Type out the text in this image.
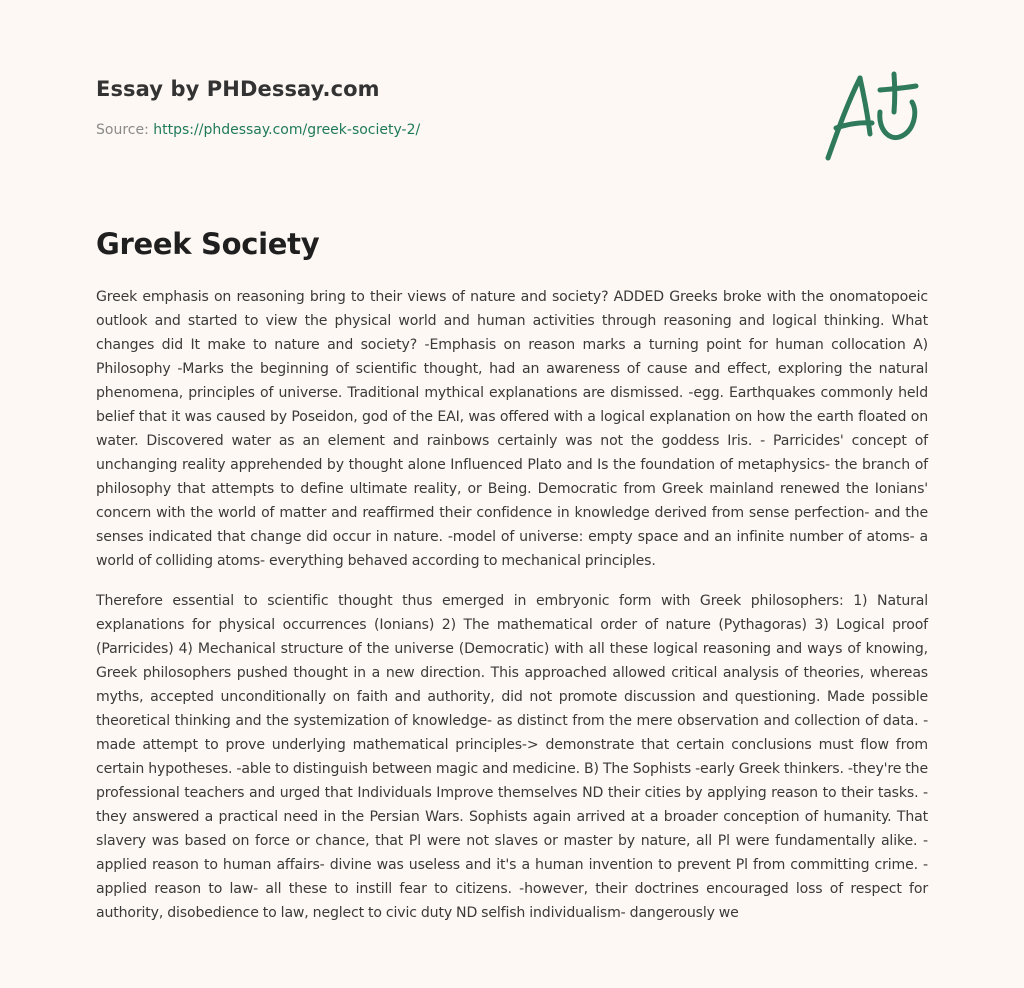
Essay by PHDessay.com
Source: https://phdessay.com/greek-society-2/
Greek Society

Greek emphasis on reasoning bring to their views of nature and society? ADDED Greeks broke with the onomatopoeic outlook and started to view the physical world and human activities through reasoning and logical thinking. What changes did It make to nature and society? -Emphasis on reason marks a turning point for human collocation A) Philosophy -Marks the beginning of scientific thought, had an awareness of cause and effect, exploring the natural phenomena, principles of universe. Traditional mythical explanations are dismissed. -egg. Earthquakes commonly held belief that it was caused by Poseidon, god of the EAI, was offered with a logical explanation on how the earth floated on water. Discovered water as an element and rainbows certainly was not the goddess Iris. - Parricides' concept of unchanging reality apprehended by thought alone Influenced Plato and Is the foundation of metaphysics- the branch of philosophy that attempts to define ultimate reality, or Being. Democratic from Greek mainland renewed the Ionians' concern with the world of matter and reaffirmed their confidence in knowledge derived from sense perfection- and the senses indicated that change did occur in nature. -model of universe: empty space and an infinite number of atoms- a world of colliding atoms- everything behaved according to mechanical principles.

Therefore essential to scientific thought thus emerged in embryonic form with Greek philosophers: 1) Natural explanations for physical occurrences (Ionians) 2) The mathematical order of nature (Pythagoras) 3) Logical proof (Parricides) 4) Mechanical structure of the universe (Democratic) with all these logical reasoning and ways of knowing, Greek philosophers pushed thought in a new direction. This approached allowed critical analysis of theories, whereas myths, accepted unconditionally on faith and authority, did not promote discussion and questioning. Made possible theoretical thinking and the systemization of knowledge- as distinct from the mere observation and collection of data. -made attempt to prove underlying mathematical principles-> demonstrate that certain conclusions must flow from certain hypotheses. -able to distinguish between magic and medicine. B) The Sophists -early Greek thinkers. -they're the professional teachers and urged that Individuals Improve themselves ND their cities by applying reason to their tasks. -they answered a practical need in the Persian Wars. Sophists again arrived at a broader conception of humanity. That slavery was based on force or chance, that Pl were not slaves or master by nature, all Pl were fundamentally alike. -applied reason to human affairs- divine was useless and it's a human invention to prevent Pl from committing crime. -applied reason to law- all these to instill fear to citizens. -however, their doctrines encouraged loss of respect for authority, disobedience to law, neglect to civic duty ND selfish individualism- dangerously we
